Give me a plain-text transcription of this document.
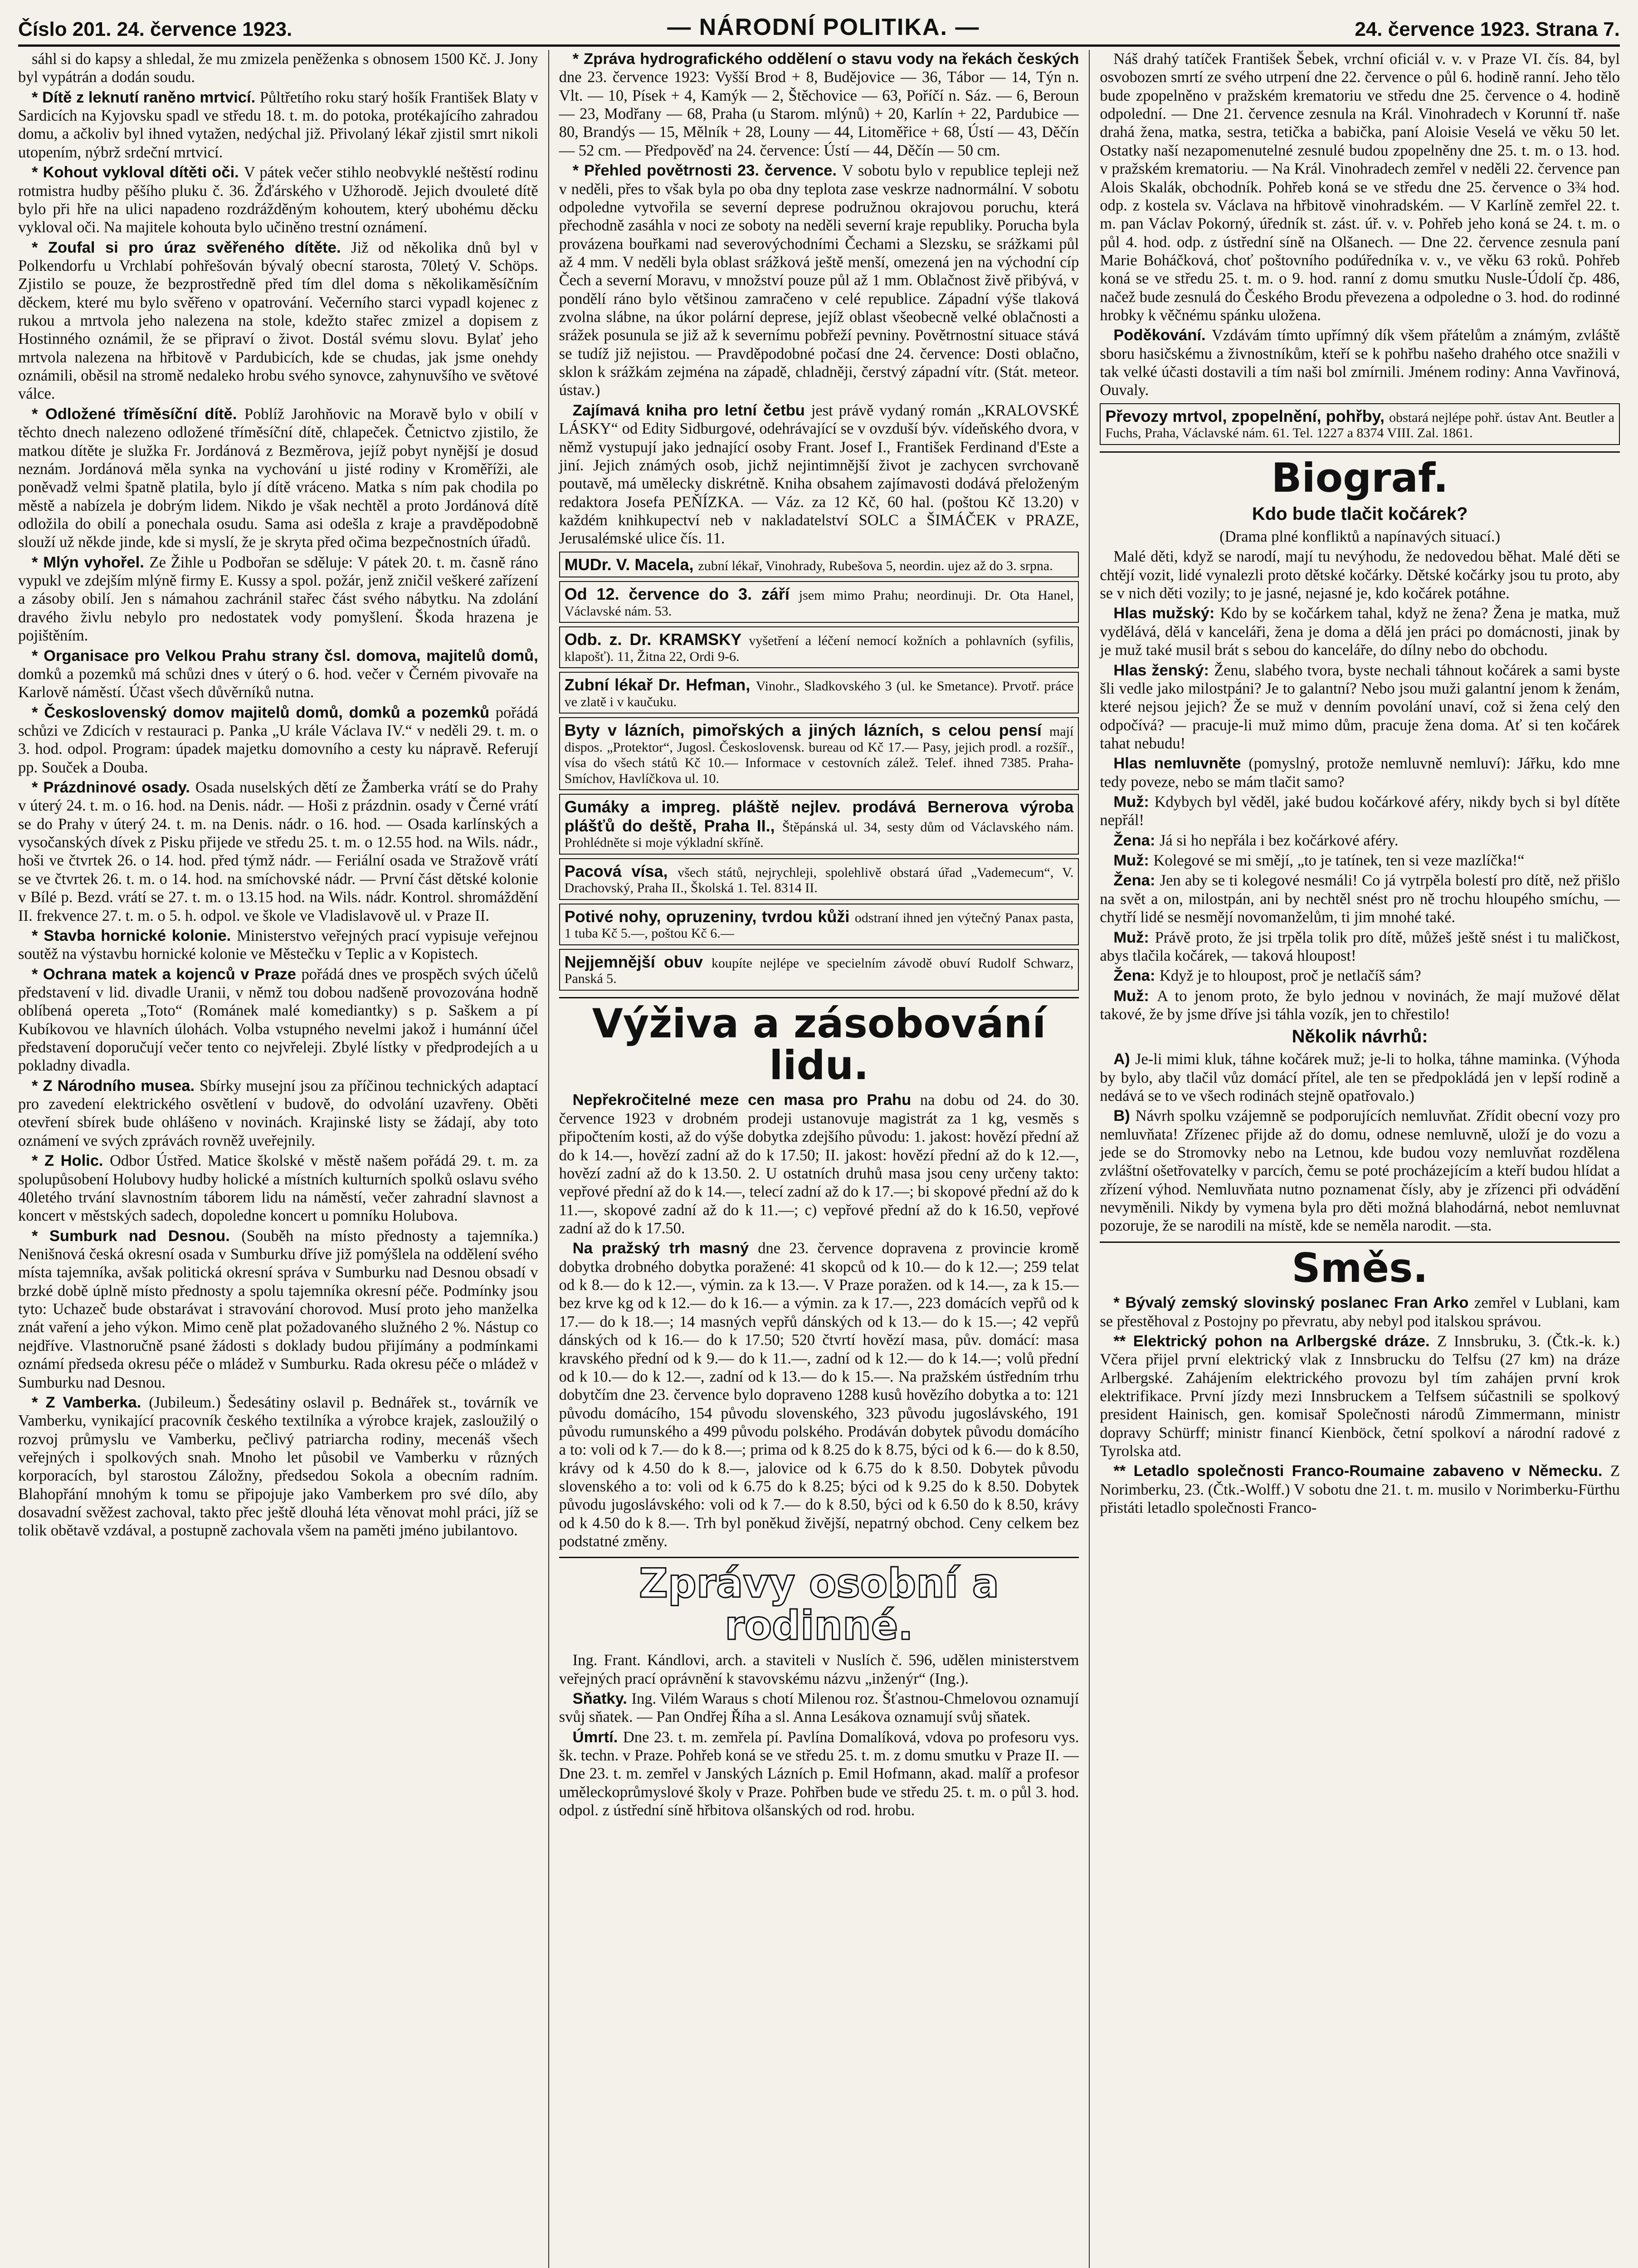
Číslo 201. 24. července 1923.	— NÁRODNÍ POLITIKA. —	24. července 1923. Strana 7.

sáhl si do kapsy a shledal, že mu zmizela peněženka s obnosem 1500 Kč. J. Jony byl vypátrán a dodán soudu.

* Dítě z leknutí raněno mrtvicí. Půltřetího roku starý hošík František Blaty v Sardicích na Kyjovsku spadl ve středu 18. t. m. do potoka, protékajícího zahradou domu, a ačkoliv byl ihned vytažen, nedýchal již. Přivolaný lékař zjistil smrt nikoli utopením, nýbrž srdeční mrtvicí.

* Kohout vykloval dítěti oči. V pátek večer stihlo neobvyklé neštěstí rodinu rotmistra hudby pěšího pluku č. 36. Žďárského v Užhorodě. Jejich dvouleté dítě bylo při hře na ulici napadeno rozdrážděným kohoutem, který ubohému děcku vykloval oči. Na majitele kohouta bylo učiněno trestní oznámení.

* Zoufal si pro úraz svěřeného dítěte. Již od několika dnů byl v Polkendorfu u Vrchlabí pohřešován bývalý obecní starosta, 70letý V. Schöps. Zjistilo se pouze, že bezprostředně před tím dlel doma s několikaměsíčním děckem, které mu bylo svěřeno v opatrování. Večerního starci vypadl kojenec z rukou a mrtvola jeho nalezena na stole, kdežto stařec zmizel a dopisem z Hostinného oznámil, že se připraví o život. Dostál svému slovu. Bylať jeho mrtvola nalezena na hřbitově v Pardubicích, kde se chudas, jak jsme onehdy oznámili, oběsil na stromě nedaleko hrobu svého synovce, zahynuvšího ve světové válce.

* Odložené tříměsíční dítě. Poblíž Jarohňovic na Moravě bylo v obilí v těchto dnech nalezeno odložené tříměsíční dítě, chlapeček. Četnictvo zjistilo, že matkou dítěte je služka Fr. Jordánová z Bezměrova, jejíž pobyt nynější je dosud neznám. Jordánová měla synka na vychování u jisté rodiny v Kroměříži, ale poněvadž velmi špatně platila, bylo jí dítě vráceno. Matka s ním pak chodila po městě a nabízela je dobrým lidem. Nikdo je však nechtěl a proto Jordánová dítě odložila do obilí a ponechala osudu. Sama asi odešla z kraje a pravděpodobně slouží už někde jinde, kde si myslí, že je skryta před očima bezpečnostních úřadů.

* Mlýn vyhořel. Ze Žihle u Podbořan se sděluje: V pátek 20. t. m. časně ráno vypukl ve zdejším mlýně firmy E. Kussy a spol. požár, jenž zničil veškeré zařízení a zásoby obilí. Jen s námahou zachránil stařec část svého nábytku. Na zdolání dravého živlu nebylo pro nedostatek vody pomyšlení. Škoda hrazena je pojištěním.

* Organisace pro Velkou Prahu strany čsl. domova, majitelů domů, domků a pozemků má schůzi dnes v úterý o 6. hod. večer v Černém pivovaře na Karlově náměstí. Účast všech důvěrníků nutna.

* Československý domov majitelů domů, domků a pozemků pořádá schůzi ve Zdicích v restauraci p. Panka „U krále Václava IV.“ v neděli 29. t. m. o 3. hod. odpol. Program: úpadek majetku domovního a cesty ku nápravě. Referují pp. Souček a Douba.

* Prázdninové osady. Osada nuselských dětí ze Žamberka vrátí se do Prahy v úterý 24. t. m. o 16. hod. na Denis. nádr. — Hoši z prázdnin. osady v Černé vrátí se do Prahy v úterý 24. t. m. na Denis. nádr. o 16. hod. — Osada karlínských a vysočanských dívek z Pisku přijede ve středu 25. t. m. o 12.55 hod. na Wils. nádr., hoši ve čtvrtek 26. o 14. hod. před týmž nádr. — Feriální osada ve Stražově vrátí se ve čtvrtek 26. t. m. o 14. hod. na smíchovské nádr. — První část dětské kolonie v Bílé p. Bezd. vrátí se 27. t. m. o 13.15 hod. na Wils. nádr. Kontrol. shromáždění II. frekvence 27. t. m. o 5. h. odpol. ve škole ve Vladislavově ul. v Praze II.

* Stavba hornické kolonie. Ministerstvo veřejných prací vypisuje veřejnou soutěž na výstavbu hornické kolonie ve Městečku v Teplic a v Kopistech.

* Ochrana matek a kojenců v Praze pořádá dnes ve prospěch svých účelů představení v lid. divadle Uranii, v němž tou dobou nadšeně provozována hodně oblíbená opereta „Toto“ (Románek malé komediantky) s p. Saškem a pí Kubíkovou ve hlavních úlohách. Volba vstupného nevelmi jakož i humánní účel představení doporučují večer tento co nejvřeleji. Zbylé lístky v předprodejích a u pokladny divadla.

* Z Národního musea. Sbírky musejní jsou za příčinou technických adaptací pro zavedení elektrického osvětlení v budově, do odvolání uzavřeny. Oběti otevření sbírek bude ohlášeno v novinách. Krajinské listy se žádají, aby toto oznámení ve svých zprávách rovněž uveřejnily.

* Z Holic. Odbor Ústřed. Matice školské v městě našem pořádá 29. t. m. za spolupůsobení Holubovy hudby holické a místních kulturních spolků oslavu svého 40letého trvání slavnostním táborem lidu na náměstí, večer zahradní slavnost a koncert v městských sadech, dopoledne koncert u pomníku Holubova.

* Sumburk nad Desnou. (Souběh na místo přednosty a tajemníka.) Nenišnová česká okresní osada v Sumburku dříve již pomýšlela na oddělení svého místa tajemníka, avšak politická okresní správa v Sumburku nad Desnou obsadí v brzké době úplně místo přednosty a spolu tajemníka okresní péče. Podmínky jsou tyto: Uchazeč bude obstarávat i stravování chorovod. Musí proto jeho manželka znát vaření a jeho výkon. Mimo ceně plat požadovaného služného 2 %. Nástup co nejdříve. Vlastnoručně psané žádosti s doklady budou přijímány a podmínkami oznámí předseda okresu péče o mládež v Sumburku. Rada okresu péče o mládež v Sumburku nad Desnou.

* Z Vamberka. (Jubileum.) Šedesátiny oslavil p. Bednářek st., továrník ve Vamberku, vynikající pracovník českého textilníka a výrobce krajek, zasloužilý o rozvoj průmyslu ve Vamberku, pečlivý patriarcha rodiny, mecenáš všech veřejných i spolkových snah. Mnoho let působil ve Vamberku v různých korporacích, byl starostou Záložny, předsedou Sokola a obecním radním. Blahopřání mnohým k tomu se připojuje jako Vamberkem pro své dílo, aby dosavadní svěžest zachoval, takto přec ještě dlouhá léta věnovat mohl práci, jíž se tolik obětavě vzdával, a postupně zachovala všem na paměti jméno jubilantovo.

* Zpráva hydrografického oddělení o stavu vody na řekách českých dne 23. července 1923: Vyšší Brod + 8, Budějovice — 36, Tábor — 14, Týn n. Vlt. — 10, Písek + 4, Kamýk — 2, Štěchovice — 63, Poříčí n. Sáz. — 6, Beroun — 23, Modřany — 68, Praha (u Starom. mlýnů) + 20, Karlín + 22, Pardubice — 80, Brandýs — 15, Mělník + 28, Louny — 44, Litoměřice + 68, Ústí — 43, Děčín — 52 cm. — Předpověď na 24. července: Ústí — 44, Děčín — 50 cm.

* Přehled povětrnosti 23. července. V sobotu bylo v republice tepleji než v neděli, přes to však byla po oba dny teplota zase veskrze nadnormální. V sobotu odpoledne vytvořila se severní deprese podružnou okrajovou poruchu, která přechodně zasáhla v noci ze soboty na neděli severní kraje republiky. Porucha byla provázena bouřkami nad severovýchodními Čechami a Slezsku, se srážkami půl až 4 mm. V neděli byla oblast srážková ještě menší, omezená jen na východní cíp Čech a severní Moravu, v množství pouze půl až 1 mm. Oblačnost živě přibývá, v pondělí ráno bylo většinou zamračeno v celé republice. Západní výše tlaková zvolna slábne, na úkor polární deprese, jejíž oblast všeobecně velké oblačnosti a srážek posunula se již až k severnímu pobřeží pevniny. Povětrnostní situace stává se tudíž již nejistou. — Pravděpodobné počasí dne 24. července: Dosti oblačno, sklon k srážkám zejména na západě, chladněji, čerstvý západní vítr. (Stát. meteor. ústav.)

Zajímavá kniha pro letní četbu jest právě vydaný román „KRALOVSKÉ LÁSKY“ od Edity Sidburgové, odehrávající se v ovzduší býv. vídeňského dvora, v němž vystupují jako jednající osoby Frant. Josef I., František Ferdinand d'Este a jiní. Jejich známých osob, jichž nejintimnější život je zachycen svrchovaně poutavě, má umělecky diskrétně. Kniha obsahem zajímavosti dodává přeloženým redaktora Josefa PEŇÍZKA. — Váz. za 12 Kč, 60 hal. (poštou Kč 13.20) v každém knihkupectví neb v nakladatelství SOLC a ŠIMÁČEK v PRAZE, Jerusalémské ulice čís. 11.

MUDr. V. Macela, zubní lékař, Vinohrady, Rubešova 5, neordin. ujez až do 3. srpna.

Od 12. července do 3. září jsem mimo Prahu; neordinuji. Dr. Ota Hanel, Václavské nám. 53.

Odb. z. Dr. KRAMSKY vyšetření a léčení nemocí kožních a pohlavních (syfilis, klapošť). 11, Žitna 22, Ordi 9-6.

Zubní lékař Dr. Hefman, Vinohr., Sladkovského 3 (ul. ke Smetance). Prvotř. práce ve zlatě i v kaučuku.

Byty v lázních, pimořských a jiných lázních, s celou pensí mají dispos. „Protektor“, Jugosl. Československ. bureau od Kč 17.— Pasy, jejich prodl. a rozšíř., vísa do všech států Kč 10.— Informace v cestovních zálež. Telef. ihned 7385. Praha-Smíchov, Havlíčkova ul. 10.

Gumáky a impreg. pláště nejlev. prodává Bernerova výroba plášťů do deště, Praha II., Štěpánská ul. 34, sesty dům od Václavského nám. Prohlédněte si moje výkladní skříně.

Pacová vísa, všech států, nejrychleji, spolehlivě obstará úřad „Vademecum“, V. Drachovský, Praha II., Školská 1. Tel. 8314 II.

Potivé nohy, opruzeniny, tvrdou kůži odstraní ihned jen výtečný Panax pasta, 1 tuba Kč 5.—, poštou Kč 6.—

Nejjemnější obuv koupíte nejlépe ve specielním závodě obuví Rudolf Schwarz, Panská 5.

Výživa a zásobování lidu.

Nepřekročitelné meze cen masa pro Prahu na dobu od 24. do 30. července 1923 v drobném prodeji ustanovuje magistrát za 1 kg, vesměs s připočtením kosti, až do výše dobytka zdejšího původu: 1. jakost: hovězí přední až do k 14.—, hovězí zadní až do k 17.50; II. jakost: hovězí přední až do k 12.—, hovězí zadní až do k 13.50. 2. U ostatních druhů masa jsou ceny určeny takto: vepřové přední až do k 14.—, telecí zadní až do k 17.—; bi skopové přední až do k 11.—, skopové zadní až do k 11.—; c) vepřové přední až do k 16.50, vepřové zadní až do k 17.50.

Na pražský trh masný dne 23. července dopravena z provincie kromě dobytka drobného dobytka poražené: 41 skopců od k 10.— do k 12.—; 259 telat od k 8.— do k 12.—, výmin. za k 13.—. V Praze poražen. od k 14.—, za k 15.— bez krve kg od k 12.— do k 16.— a výmin. za k 17.—, 223 domácích vepřů od k 17.— do k 18.—; 14 masných vepřů dánských od k 13.— do k 15.—; 42 vepřů dánských od k 16.— do k 17.50; 520 čtvrtí hovězí masa, pův. domácí: masa kravského přední od k 9.— do k 11.—, zadní od k 12.— do k 14.—; volů přední od k 10.— do k 12.—, zadní od k 13.— do k 15.—. Na pražském ústředním trhu dobytčím dne 23. července bylo dopraveno 1288 kusů hovězího dobytka a to: 121 původu domácího, 154 původu slovenského, 323 původu jugoslávského, 191 původu rumunského a 499 původu polského. Prodáván dobytek původu domácího a to: voli od k 7.— do k 8.—; prima od k 8.25 do k 8.75, býci od k 6.— do k 8.50, krávy od k 4.50 do k 8.—, jalovice od k 6.75 do k 8.50. Dobytek původu slovenského a to: voli od k 6.75 do k 8.25; býci od k 9.25 do k 8.50. Dobytek původu jugoslávského: voli od k 7.— do k 8.50, býci od k 6.50 do k 8.50, krávy od k 4.50 do k 8.—. Trh byl poněkud živější, nepatrný obchod. Ceny celkem bez podstatné změny.

Zprávy osobní a rodinné.

Ing. Frant. Kándlovi, arch. a staviteli v Nuslích č. 596, udělen ministerstvem veřejných prací oprávnění k stavovskému názvu „inženýr“ (Ing.).

Sňatky. Ing. Vilém Waraus s chotí Milenou roz. Šťastnou-Chmelovou oznamují svůj sňatek. — Pan Ondřej Říha a sl. Anna Lesákova oznamují svůj sňatek.

Úmrtí. Dne 23. t. m. zemřela pí. Pavlína Domalíková, vdova po profesoru vys. šk. techn. v Praze. Pohřeb koná se ve středu 25. t. m. z domu smutku v Praze II. — Dne 23. t. m. zemřel v Janských Lázních p. Emil Hofmann, akad. malíř a profesor uměleckoprůmyslové školy v Praze. Pohřben bude ve středu 25. t. m. o půl 3. hod. odpol. z ústřední síně hřbitova olšanských od rod. hrobu.

Náš drahý tatíček František Šebek, vrchní oficiál v. v. v Praze VI. čís. 84, byl osvobozen smrtí ze svého utrpení dne 22. července o půl 6. hodině ranní. Jeho tělo bude zpopelněno v pražském krematoriu ve středu dne 25. července o 4. hodině odpolední. — Dne 21. července zesnula na Král. Vinohradech v Korunní tř. naše drahá žena, matka, sestra, tetička a babička, paní Aloisie Veselá ve věku 50 let. Ostatky naší nezapomenutelné zesnulé budou zpopelněny dne 25. t. m. o 13. hod. v pražském krematoriu. — Na Král. Vinohradech zemřel v neděli 22. července pan Alois Skalák, obchodník. Pohřeb koná se ve středu dne 25. července o 3¾ hod. odp. z kostela sv. Václava na hřbitově vinohradském. — V Karlíně zemřel 22. t. m. pan Václav Pokorný, úředník st. zást. úř. v. v. Pohřeb jeho koná se 24. t. m. o půl 4. hod. odp. z ústřední síně na Olšanech. — Dne 22. července zesnula paní Marie Boháčková, choť poštovního podúředníka v. v., ve věku 63 roků. Pohřeb koná se ve středu 25. t. m. o 9. hod. ranní z domu smutku Nusle-Údolí čp. 486, načež bude zesnulá do Českého Brodu převezena a odpoledne o 3. hod. do rodinné hrobky k věčnému spánku uložena.

Poděkování. Vzdávám tímto upřímný dík všem přátelům a známým, zvláště sboru hasičskému a živnostníkům, kteří se k pohřbu našeho drahého otce snažili v tak velké účasti dostavili a tím naši bol zmírnili. Jménem rodiny: Anna Vavřinová, Ouvaly.

Převozy mrtvol, zpopelnění, pohřby, obstará nejlépe pohř. ústav Ant. Beutler a Fuchs, Praha, Václavské nám. 61. Tel. 1227 a 8374 VIII. Zal. 1861.

Biograf.
Kdo bude tlačit kočárek?

(Drama plné konfliktů a napínavých situací.)

Malé děti, když se narodí, mají tu nevýhodu, že nedovedou běhat. Malé děti se chtějí vozit, lidé vynalezli proto dětské kočárky. Dětské kočárky jsou tu proto, aby se v nich děti vozily; to je jasné, nejasné je, kdo kočárek potáhne.

Hlas mužský: Kdo by se kočárkem tahal, když ne žena? Žena je matka, muž vydělává, dělá v kanceláři, žena je doma a dělá jen práci po domácnosti, jinak by je muž také musil brát s sebou do kanceláře, do dílny nebo do obchodu.

Hlas ženský: Ženu, slabého tvora, byste nechali táhnout kočárek a sami byste šli vedle jako milostpáni? Je to galantní? Nebo jsou muži galantní jenom k ženám, které nejsou jejich? Že se muž v denním povolání unaví, což si žena celý den odpočívá? — pracuje-li muž mimo dům, pracuje žena doma. Ať si ten kočárek tahat nebudu!

Hlas nemluvněte (pomyslný, protože nemluvně nemluví): Jářku, kdo mne tedy poveze, nebo se mám tlačit samo?

Muž: Kdybych byl věděl, jaké budou kočárkové aféry, nikdy bych si byl dítěte nepřál!

Žena: Já si ho nepřála i bez kočárkové aféry.

Muž: Kolegové se mi smějí, „to je tatínek, ten si veze mazlíčka!“

Žena: Jen aby se ti kolegové nesmáli! Co já vytrpěla bolestí pro dítě, než přišlo na svět a on, milostpán, ani by nechtěl snést pro ně trochu hloupého smíchu, — chytří lidé se nesmějí novomanželům, ti jim mnohé také.

Muž: Právě proto, že jsi trpěla tolik pro dítě, můžeš ještě snést i tu maličkost, abys tlačila kočárek, — taková hloupost!

Žena: Když je to hloupost, proč je netlačíš sám?

Muž: A to jenom proto, že bylo jednou v novinách, že mají mužové dělat takové, že by jsme dříve jsi táhla vozík, jen to chřestilo!

Několik návrhů:

A) Je-li mimi kluk, táhne kočárek muž; je-li to holka, táhne maminka. (Výhoda by bylo, aby tlačil vůz domácí přítel, ale ten se předpokládá jen v lepší rodině a nedává se to ve všech rodinách stejně opatřovalo.)

B) Návrh spolku vzájemně se podporujících nemluvňat. Zřídit obecní vozy pro nemluvňata! Zřízenec přijde až do domu, odnese nemluvně, uloží je do vozu a jede se do Stromovky nebo na Letnou, kde budou vozy nemluvňat rozdělena zvláštní ošetřovatelky v parcích, čemu se poté procházejícím a kteří budou hlídat a zřízení výhod. Nemluvňata nutno poznamenat čísly, aby je zřízenci při odvádění nevyměnili. Nikdy by vymena byla pro děti možná blahodárná, nebot nemluvnat pozoruje, že se narodili na místě, kde se neměla narodit. —sta.

Směs.

* Bývalý zemský slovinský poslanec Fran Arko zemřel v Lublani, kam se přestěhoval z Postojny po převratu, aby nebyl pod italskou správou.

** Elektrický pohon na Arlbergské dráze. Z Innsbruku, 3. (Čtk.-k. k.) Včera přijel první elektrický vlak z Innsbrucku do Telfsu (27 km) na dráze Arlbergské. Zahájením elektrického provozu byl tím zahájen první krok elektrifikace. První jízdy mezi Innsbruckem a Telfsem súčastnili se spolkový president Hainisch, gen. komisař Společnosti národů Zimmermann, ministr dopravy Schürff; ministr financí Kienböck, četní spolkoví a národní radové z Tyrolska atd.

** Letadlo společnosti Franco-Roumaine zabaveno v Německu. Z Norimberku, 23. (Čtk.-Wolff.) V sobotu dne 21. t. m. musilo v Norimberku-Fürthu přistáti letadlo společnosti Franco-
